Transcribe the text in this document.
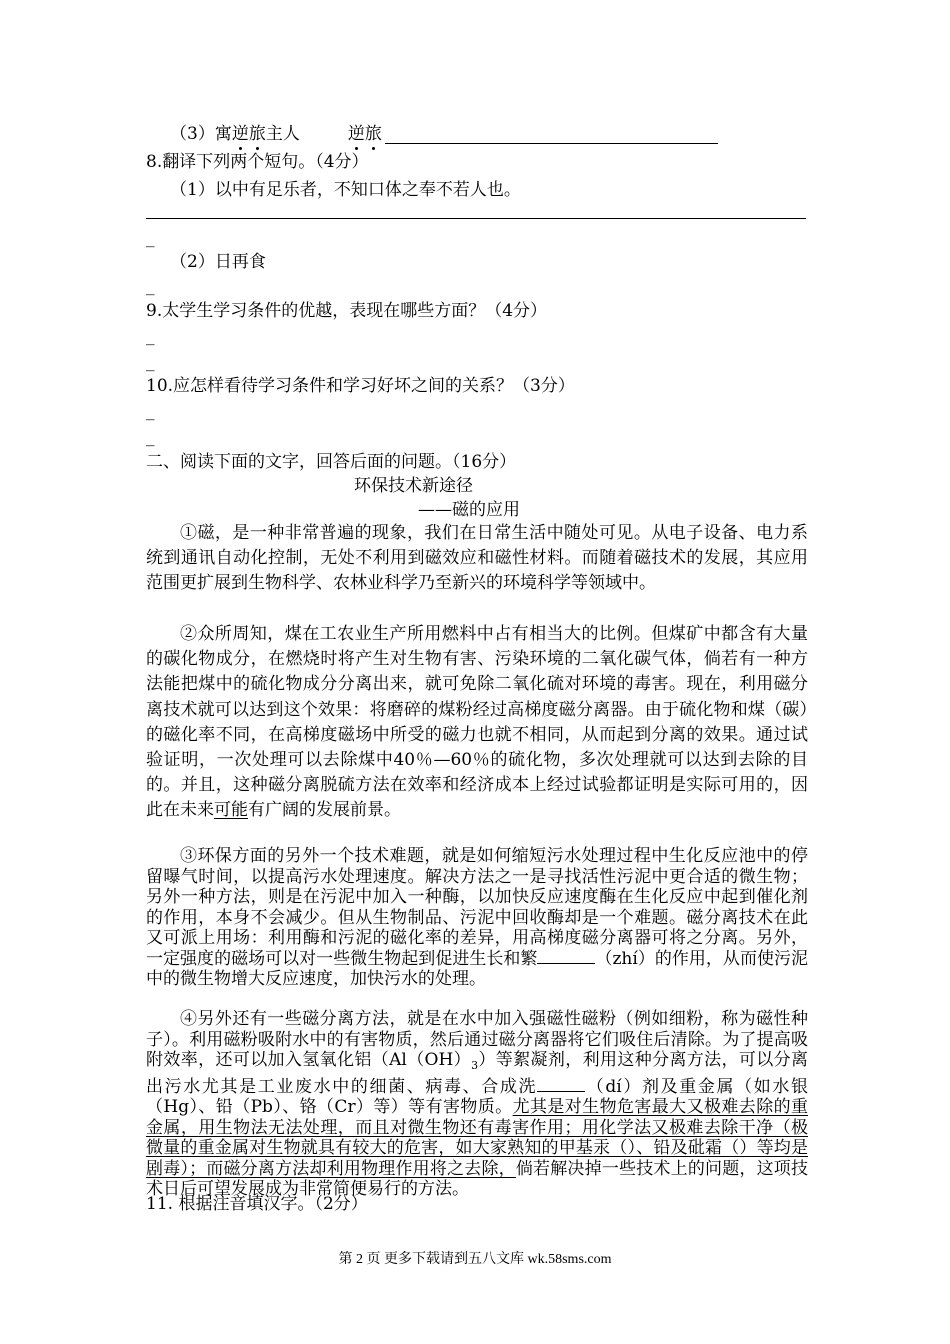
（3）寓逆旅主人	逆旅
8.翻译下列两个短句。（4分）
（1）以中有足乐者，不知口体之奉不若人也。
_
（2）日再食
_
9.太学生学习条件的优越，表现在哪些方面？（4分）
_
_
10.应怎样看待学习条件和学习好坏之间的关系？（3分）
_
_
二、阅读下面的文字，回答后面的问题。（16分）
环保技术新途径
——磁的应用
①磁，是一种非常普遍的现象，我们在日常生活中随处可见。从电子设备、电力系统到通讯自动化控制，无处不利用到磁效应和磁性材料。而随着磁技术的发展，其应用范围更扩展到生物科学、农林业科学乃至新兴的环境科学等领域中。
②众所周知，煤在工农业生产所用燃料中占有相当大的比例。但煤矿中都含有大量的碳化物成分，在燃烧时将产生对生物有害、污染环境的二氧化碳气体，倘若有一种方法能把煤中的硫化物成分分离出来，就可免除二氧化硫对环境的毒害。现在，利用磁分离技术就可以达到这个效果：将磨碎的煤粉经过高梯度磁分离器。由于硫化物和煤（碳）的磁化率不同，在高梯度磁场中所受的磁力也就不相同，从而起到分离的效果。通过试验证明，一次处理可以去除煤中40％—60％的硫化物，多次处理就可以达到去除的目的。并且，这种磁分离脱硫方法在效率和经济成本上经过试验都证明是实际可用的，因此在未来可能有广阔的发展前景。
③环保方面的另外一个技术难题，就是如何缩短污水处理过程中生化反应池中的停留曝气时间，以提高污水处理速度。解决方法之一是寻找活性污泥中更合适的微生物；另外一种方法，则是在污泥中加入一种酶，以加快反应速度酶在生化反应中起到催化剂的作用，本身不会减少。但从生物制品、污泥中回收酶却是一个难题。磁分离技术在此又可派上用场：利用酶和污泥的磁化率的差异，用高梯度磁分离器可将之分离。另外，一定强度的磁场可以对一些微生物起到促进生长和繁	（zhí）的作用，从而使污泥中的微生物增大反应速度，加快污水的处理。
④另外还有一些磁分离方法，就是在水中加入强磁性磁粉（例如细粉，称为磁性种子）。利用磁粉吸附水中的有害物质，然后通过磁分离器将它们吸住后清除。为了提高吸附效率，还可以加入氢氧化铝$(Al(OH)_3)$等絮凝剂，利用这种分离方法，可以分离出污水尤其是工业废水中的细菌、病毒、合成洗	（dí）剂及重金属（如水银（Hg）、铅（Pb）、铬（Cr）等）等有害物质。尤其是对生物危害最大又极难去除的重金属，用生物法无法处理，而且对微生物还有毒害作用；用化学法又极难去除干净（极微量的重金属对生物就具有较大的危害，如大家熟知的甲基汞（）、铅及砒霜（）等均是剧毒）；而磁分离方法却利用物理作用将之去除，倘若解决掉一些技术上的问题，这项技术日后可望发展成为非常简便易行的方法。
11. 根据注音填汉字。（2分）
第 2 页 更多下载请到五八文库 wk.58sms.com
